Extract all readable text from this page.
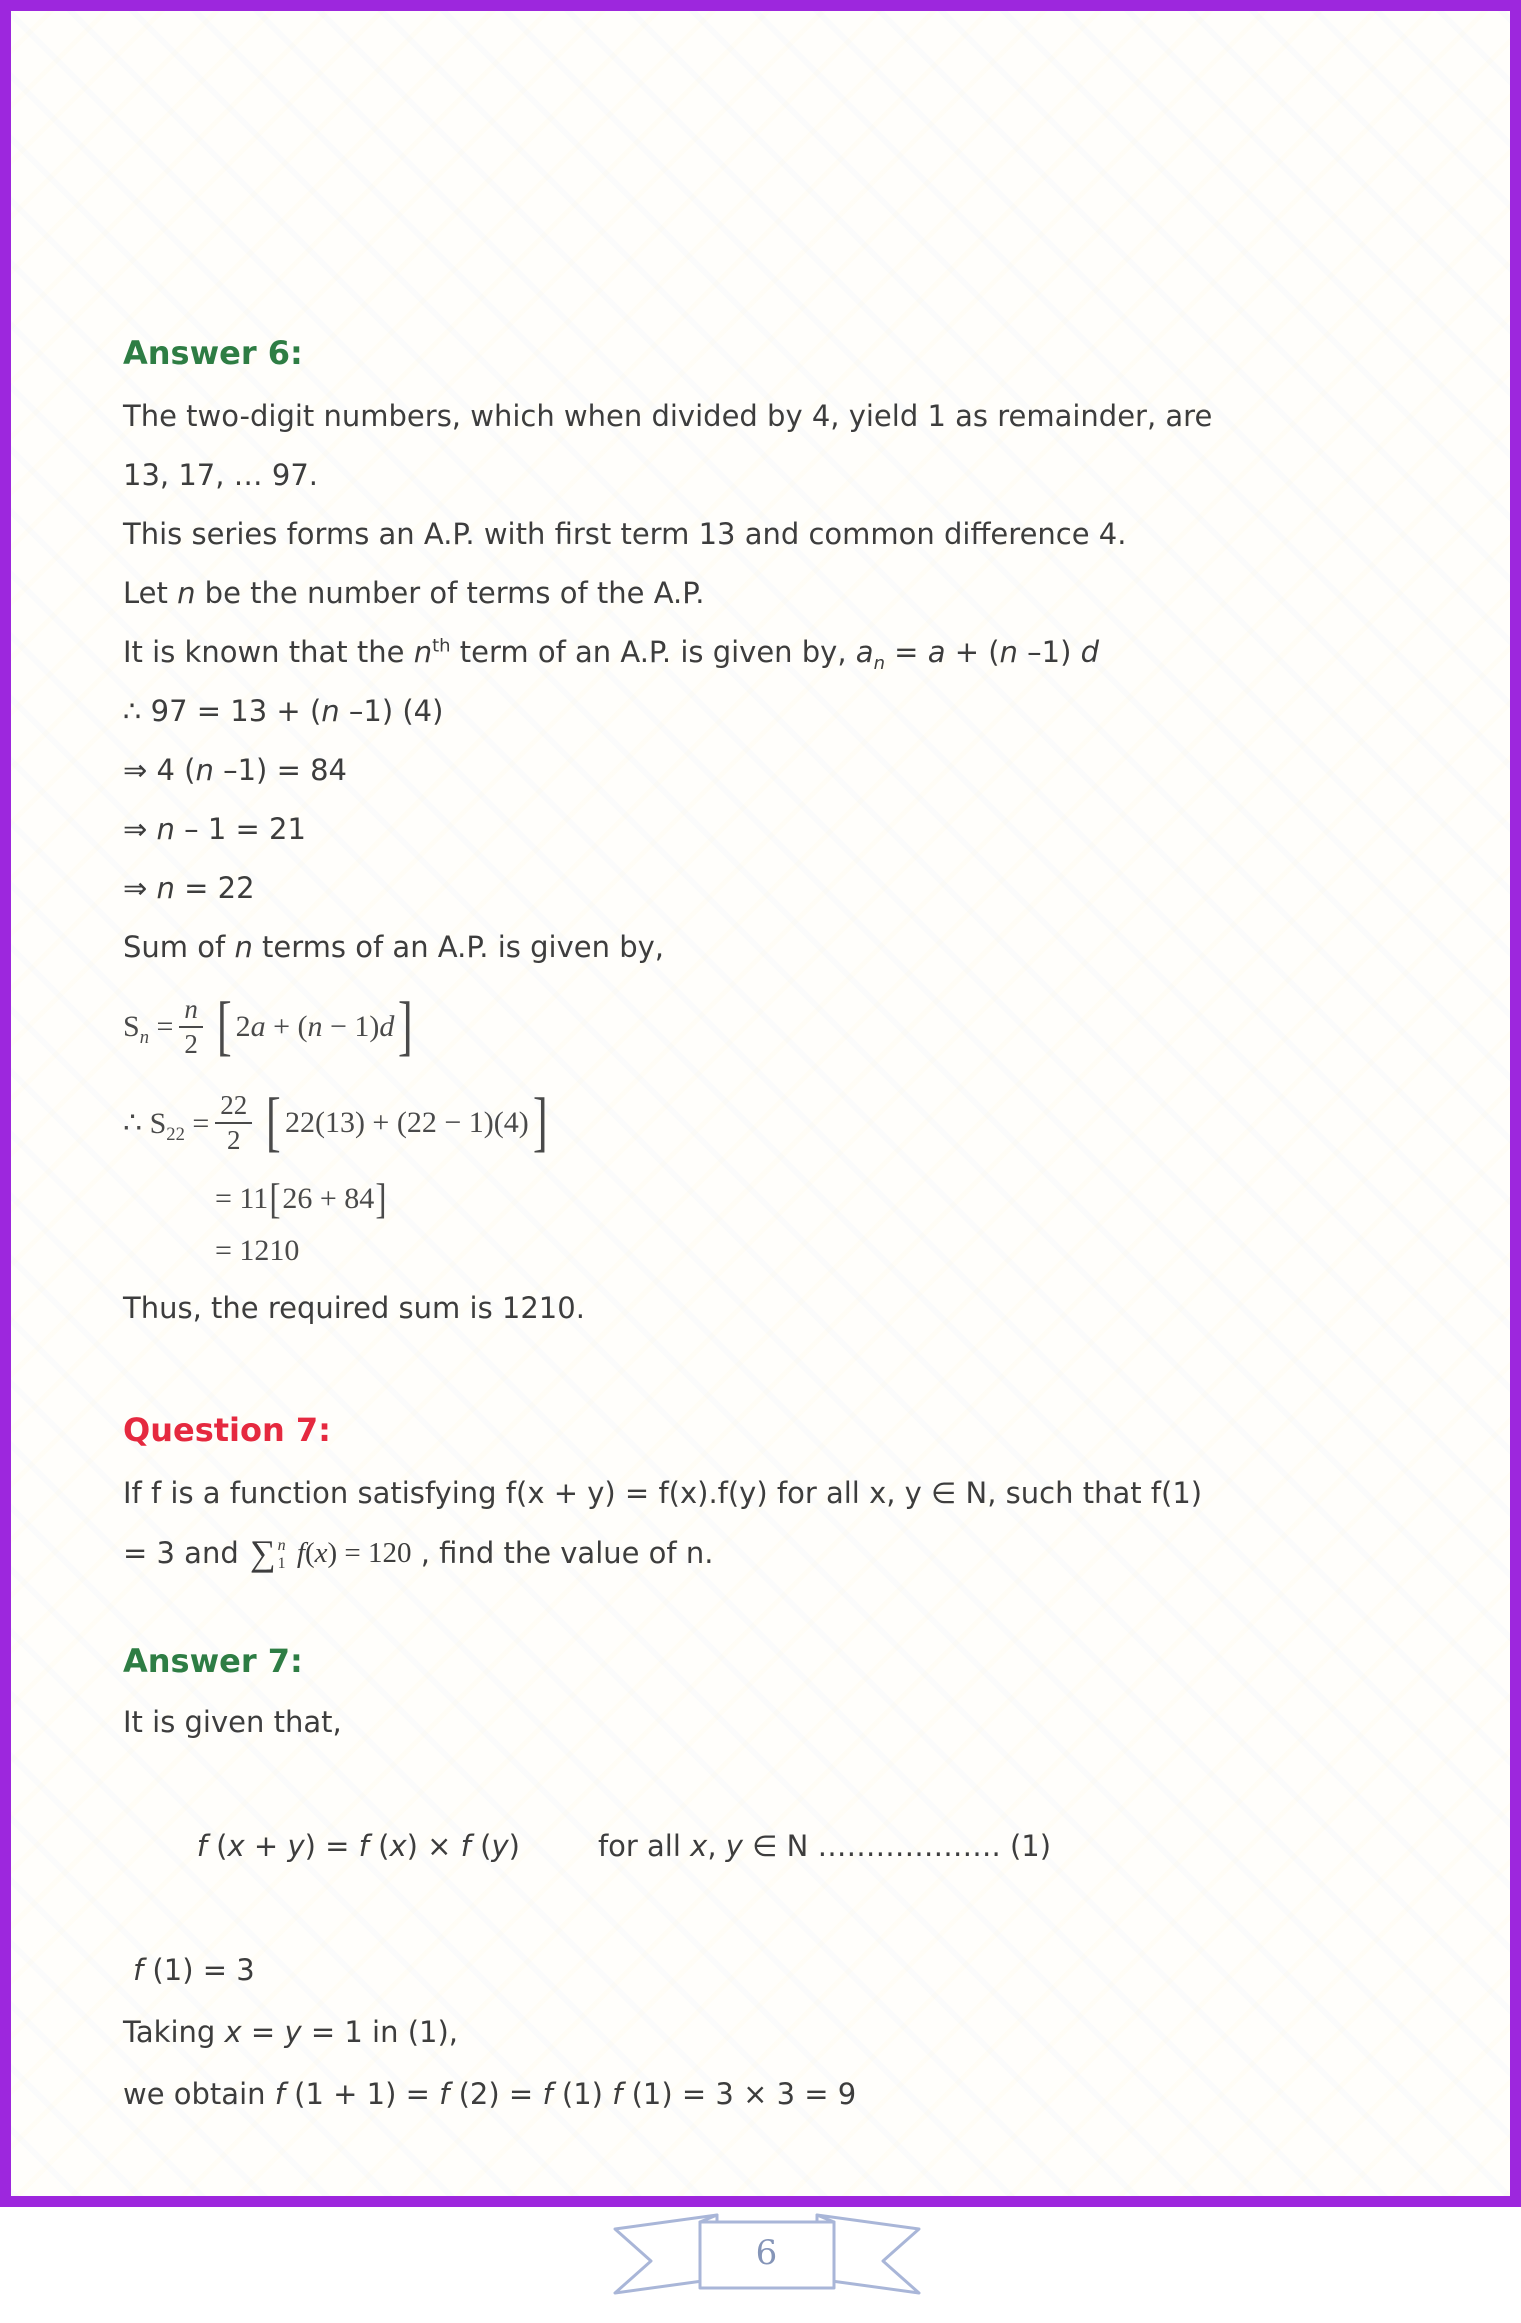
Answer 6:
The two-digit numbers, which when divided by 4, yield 1 as remainder, are
13, 17, … 97.
This series forms an A.P. with first term 13 and common difference 4.
Let n be the number of terms of the A.P.
It is known that the $n^{th}$ term of an A.P. is given by, $a_n = a + (n$ –1) d
∴ 97 = 13 + (n –1) (4)
⇒ 4 (n –1) = 84
⇒ n – 1 = 21
⇒ n = 22
Sum of n terms of an A.P. is given by,
$S_n = \frac{n}{2}$ [ 2a + (n − 1)d ]
∴ $S_{22} = \frac{22}{2}$ [ 22(13) + (22 − 1)(4) ]
= 11[26 + 84]
= 1210
Thus, the required sum is 1210.
Question 7:
If f is a function satisfying f(x + y) = f(x).f(y) for all x, y ∈ N, such that f(1)
= 3 and ∑ n
1 f(x) = 120 , find the value of n.
Answer 7:
It is given that,

f (x + y) = f (x) × f (y)	for all x, y ∈ N ………………. (1)

f (1) = 3
Taking x = y = 1 in (1),
we obtain f (1 + 1) = f (2) = f (1) f (1) = 3 × 3 = 9
6
